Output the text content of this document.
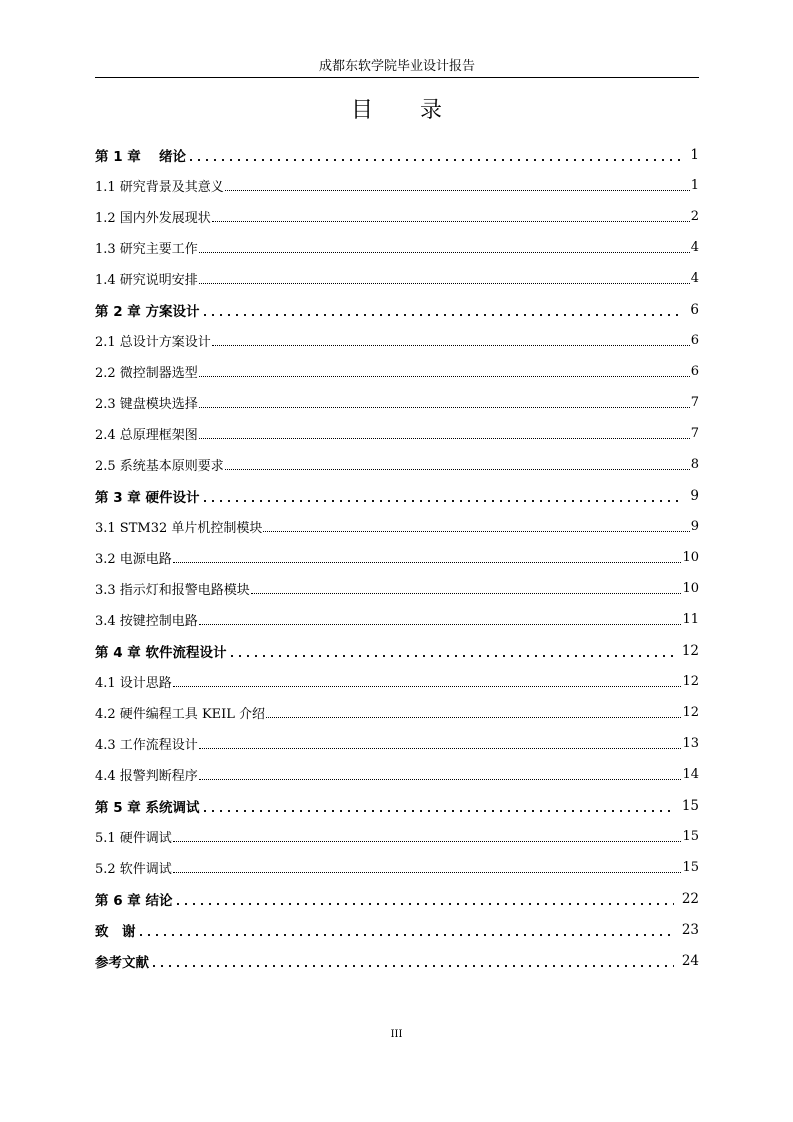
成都东软学院毕业设计报告
目 录
第 1 章　 绪论	1
1.1 研究背景及其意义	1
1.2 国内外发展现状	2
1.3 研究主要工作	4
1.4 研究说明安排	4
第 2 章 方案设计	6
2.1 总设计方案设计	6
2.2 微控制器选型	6
2.3 键盘模块选择	7
2.4 总原理框架图	7
2.5 系统基本原则要求	8
第 3 章 硬件设计	9
3.1 STM32 单片机控制模块	9
3.2 电源电路	10
3.3 指示灯和报警电路模块	10
3.4 按键控制电路	11
第 4 章 软件流程设计	12
4.1 设计思路	12
4.2 硬件编程工具 KEIL 介绍	12
4.3 工作流程设计	13
4.4 报警判断程序	14
第 5 章 系统调试	15
5.1 硬件调试	15
5.2 软件调试	15
第 6 章 结论	22
致　谢	23
参考文献	24
III
